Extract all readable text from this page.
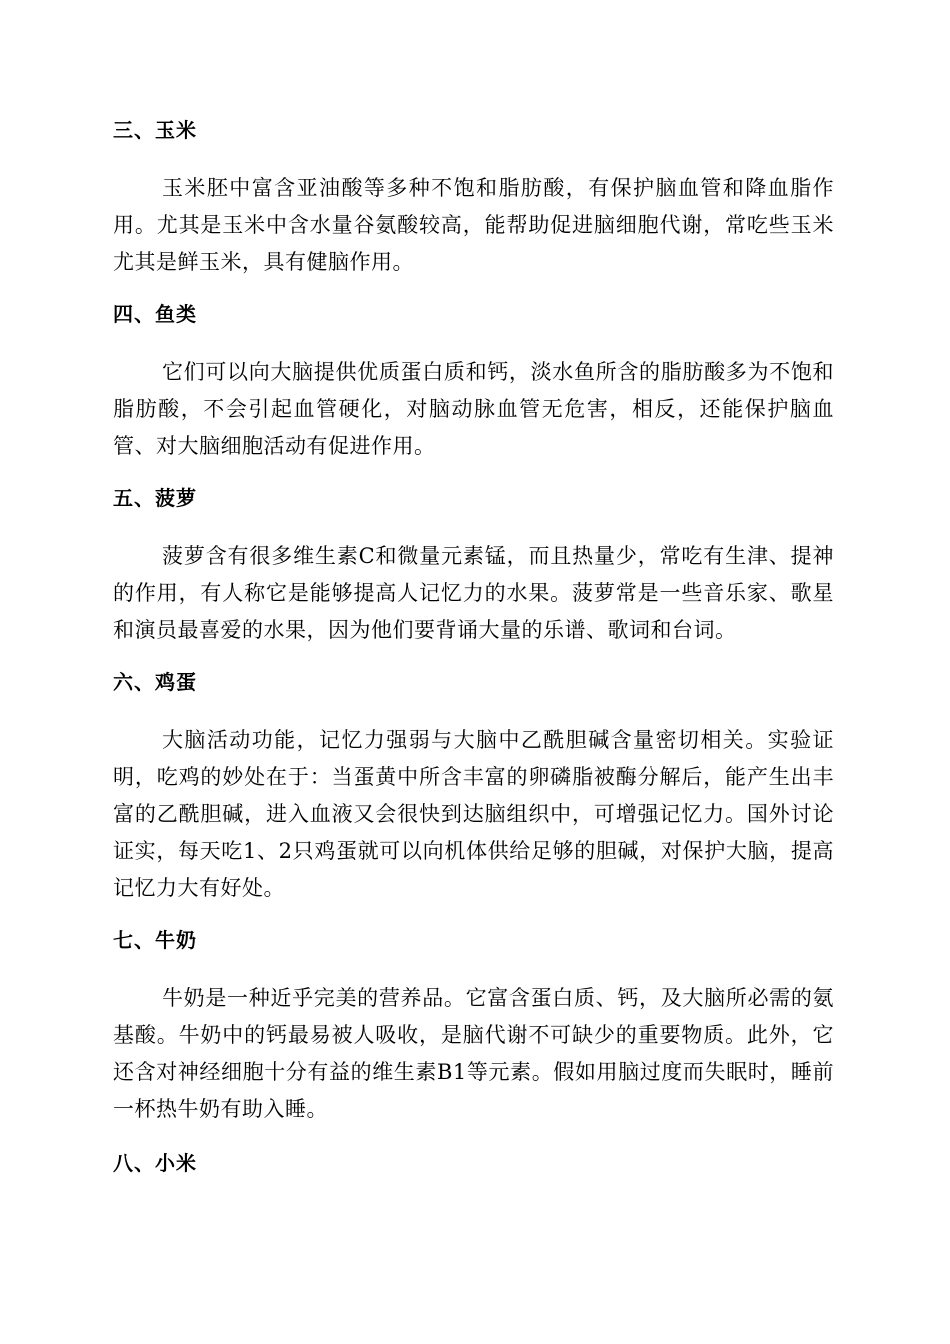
三、玉米

玉米胚中富含亚油酸等多种不饱和脂肪酸，有保护脑血管和降血脂作用。尤其是玉米中含水量谷氨酸较高，能帮助促进脑细胞代谢，常吃些玉米尤其是鲜玉米，具有健脑作用。

四、鱼类

它们可以向大脑提供优质蛋白质和钙，淡水鱼所含的脂肪酸多为不饱和脂肪酸，不会引起血管硬化，对脑动脉血管无危害，相反，还能保护脑血管、对大脑细胞活动有促进作用。

五、菠萝

菠萝含有很多维生素C和微量元素锰，而且热量少，常吃有生津、提神的作用，有人称它是能够提高人记忆力的水果。菠萝常是一些音乐家、歌星和演员最喜爱的水果，因为他们要背诵大量的乐谱、歌词和台词。

六、鸡蛋

大脑活动功能，记忆力强弱与大脑中乙酰胆碱含量密切相关。实验证明，吃鸡的妙处在于：当蛋黄中所含丰富的卵磷脂被酶分解后，能产生出丰富的乙酰胆碱，进入血液又会很快到达脑组织中，可增强记忆力。国外讨论证实，每天吃1、2只鸡蛋就可以向机体供给足够的胆碱，对保护大脑，提高记忆力大有好处。

七、牛奶

牛奶是一种近乎完美的营养品。它富含蛋白质、钙，及大脑所必需的氨基酸。牛奶中的钙最易被人吸收，是脑代谢不可缺少的重要物质。此外，它还含对神经细胞十分有益的维生素B1等元素。假如用脑过度而失眠时，睡前一杯热牛奶有助入睡。

八、小米
